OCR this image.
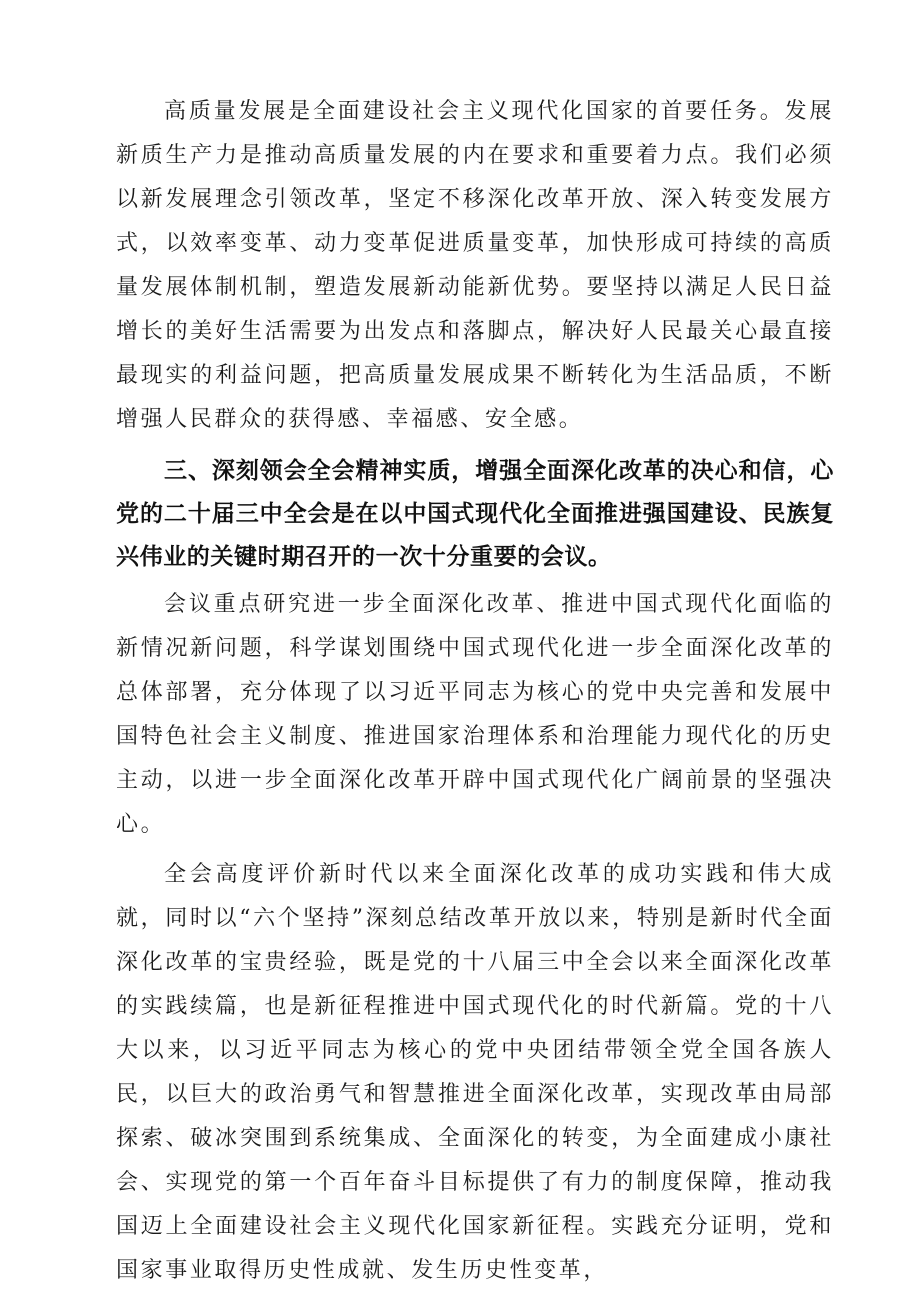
高质量发展是全面建设社会主义现代化国家的首要任务。发展新质生产力是推动高质量发展的内在要求和重要着力点。我们必须以新发展理念引领改革，坚定不移深化改革开放、深入转变发展方式，以效率变革、动力变革促进质量变革，加快形成可持续的高质量发展体制机制，塑造发展新动能新优势。要坚持以满足人民日益增长的美好生活需要为出发点和落脚点，解决好人民最关心最直接最现实的利益问题，把高质量发展成果不断转化为生活品质，不断增强人民群众的获得感、幸福感、安全感。

三、深刻领会全会精神实质，增强全面深化改革的决心和信，心党的二十届三中全会是在以中国式现代化全面推进强国建设、民族复兴伟业的关键时期召开的一次十分重要的会议。

会议重点研究进一步全面深化改革、推进中国式现代化面临的新情况新问题，科学谋划围绕中国式现代化进一步全面深化改革的总体部署，充分体现了以习近平同志为核心的党中央完善和发展中国特色社会主义制度、推进国家治理体系和治理能力现代化的历史主动，以进一步全面深化改革开辟中国式现代化广阔前景的坚强决心。

全会高度评价新时代以来全面深化改革的成功实践和伟大成就，同时以“六个坚持”深刻总结改革开放以来，特别是新时代全面深化改革的宝贵经验，既是党的十八届三中全会以来全面深化改革的实践续篇，也是新征程推进中国式现代化的时代新篇。党的十八大以来，以习近平同志为核心的党中央团结带领全党全国各族人民，以巨大的政治勇气和智慧推进全面深化改革，实现改革由局部探索、破冰突围到系统集成、全面深化的转变，为全面建成小康社会、实现党的第一个百年奋斗目标提供了有力的制度保障，推动我国迈上全面建设社会主义现代化国家新征程。实践充分证明，党和国家事业取得历史性成就、发生历史性变革，
